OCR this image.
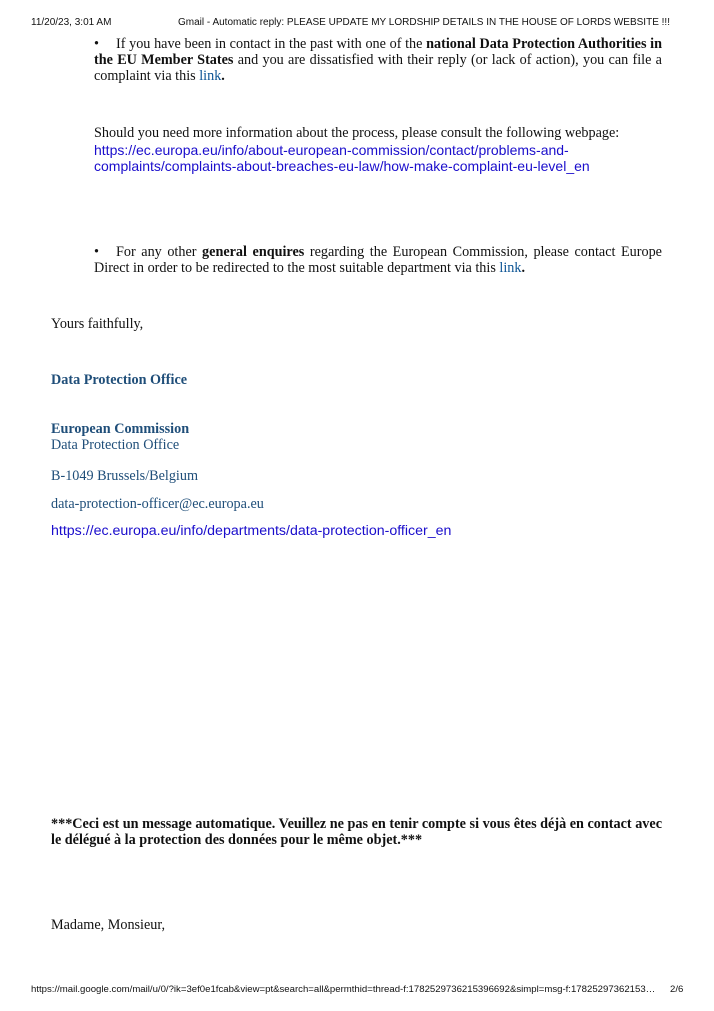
11/20/23, 3:01 AM	Gmail - Automatic reply: PLEASE UPDATE MY LORDSHIP DETAILS IN THE HOUSE OF LORDS WEBSITE !!!
• If you have been in contact in the past with one of the national Data Protection Authorities in the EU Member States and you are dissatisfied with their reply (or lack of action), you can file a complaint via this link.
Should you need more information about the process, please consult the following webpage:
https://ec.europa.eu/info/about-european-commission/contact/problems-and-
complaints/complaints-about-breaches-eu-law/how-make-complaint-eu-level_en
• For any other general enquires regarding the European Commission, please contact Europe Direct in order to be redirected to the most suitable department via this link.
Yours faithfully,
Data Protection Office
European Commission
Data Protection Office
B-1049 Brussels/Belgium
data-protection-officer@ec.europa.eu
https://ec.europa.eu/info/departments/data-protection-officer_en
***Ceci est un message automatique. Veuillez ne pas en tenir compte si vous êtes déjà en contact avec le délégué à la protection des données pour le même objet.***
Madame, Monsieur,
https://mail.google.com/mail/u/0/?ik=3ef0e1fcab&view=pt&search=all&permthid=thread-f:1782529736215396692&simpl=msg-f:17825297362153… 2/6
